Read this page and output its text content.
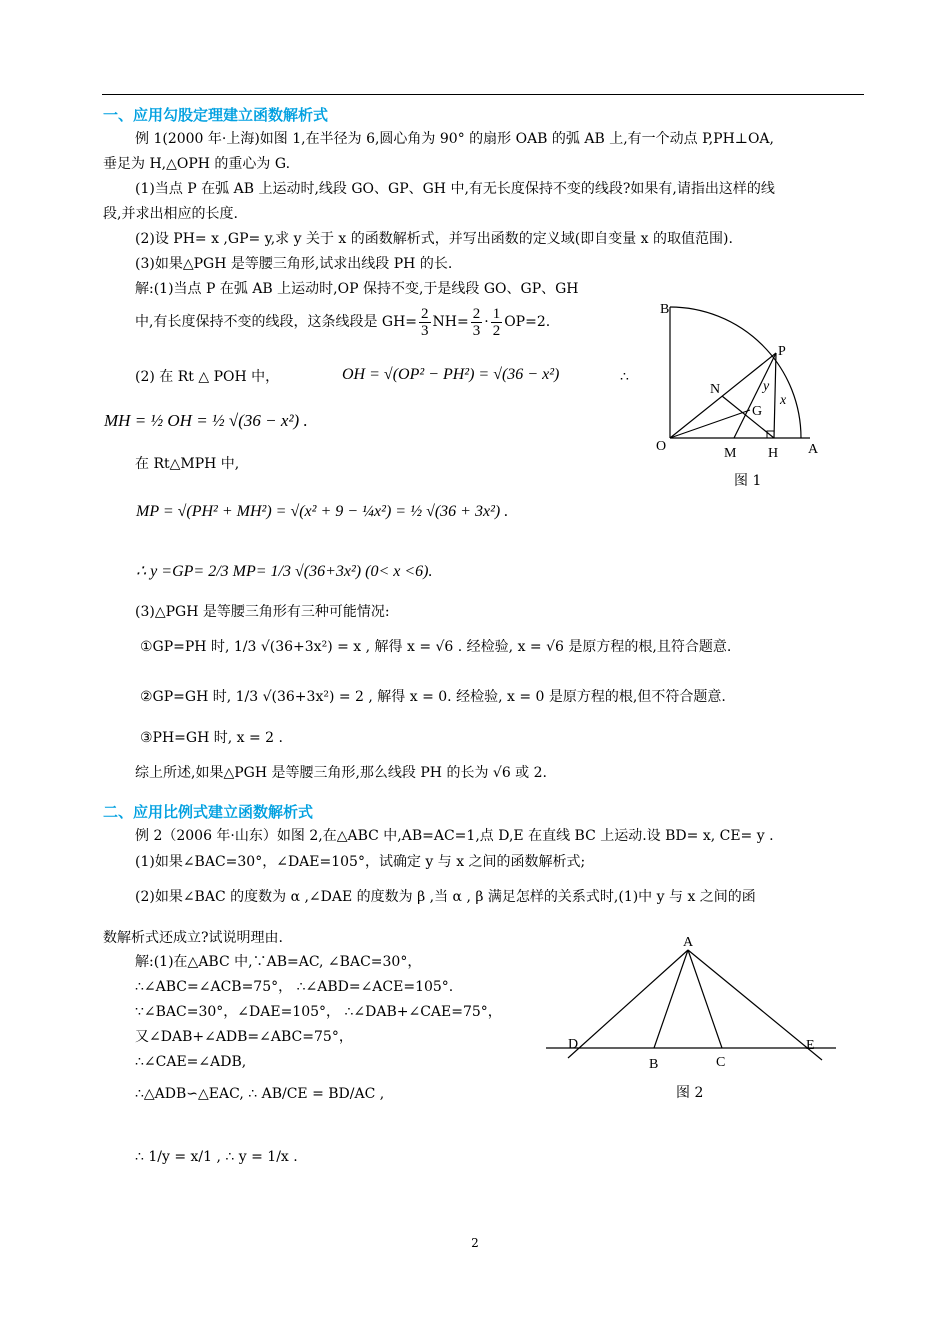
一、应用勾股定理建立函数解析式
例 1(2000 年·上海)如图 1,在半径为 6,圆心角为 90° 的扇形 OAB 的弧 AB 上,有一个动点 P,PH⊥OA,
垂足为 H,△OPH 的重心为 G.
(1)当点 P 在弧 AB 上运动时,线段 GO、GP、GH 中,有无长度保持不变的线段?如果有,请指出这样的线
段,并求出相应的长度.
(2)设 PH= x ,GP= y,求 y 关于 x 的函数解析式，并写出函数的定义域(即自变量 x 的取值范围).
(3)如果△PGH 是等腰三角形,试求出线段 PH 的长.
解:(1)当点 P 在弧 AB 上运动时,OP 保持不变,于是线段 GO、GP、GH
中,有长度保持不变的线段，这条线段是 $GH= \frac{2}{3} NH= \frac{2}{3} \cdot \frac{1}{2} OP=2$.
(2) 在 Rt △ POH 中，	OH = √(OP² − PH²) = √(36 − x²)	∴
MH = ½ OH = ½ √(36 − x²) .
在 Rt△MPH 中,
MP = √(PH² + MH²) = √(x² + 9 − ¼x²) = ½ √(36 + 3x²) .
∴ y =GP= 2/3 MP= 1/3 √(36+3x²) (0< x <6).
(3)△PGH 是等腰三角形有三种可能情况:
①GP=PH 时, 1/3 √(36+3x²) = x , 解得 x = √6 . 经检验, x = √6 是原方程的根,且符合题意.
②GP=GH 时, 1/3 √(36+3x²) = 2 , 解得 x = 0. 经检验, x = 0 是原方程的根,但不符合题意.
③PH=GH 时, x = 2 .
综上所述,如果△PGH 是等腰三角形,那么线段 PH 的长为 √6 或 2.
B
P
N	y
x
G
O	M H A
图 1
二、应用比例式建立函数解析式
例 2（2006 年·山东）如图 2,在△ABC 中,AB=AC=1,点 D,E 在直线 BC 上运动.设 BD= x, CE= y .
(1)如果∠BAC=30°，∠DAE=105°，试确定 y 与 x 之间的函数解析式;
(2)如果∠BAC 的度数为 α ,∠DAE 的度数为 β ,当 α , β 满足怎样的关系式时,(1)中 y 与 x 之间的函
数解析式还成立?试说明理由.
解:(1)在△ABC 中,∵AB=AC, ∠BAC=30°，
∴∠ABC=∠ACB=75°， ∴∠ABD=∠ACE=105°.
∵∠BAC=30°，∠DAE=105°， ∴∠DAB+∠CAE=75°，
又∠DAB+∠ADB=∠ABC=75°，
∴∠CAE=∠ADB,
∴△ADB∽△EAC, ∴ AB/CE = BD/AC ,
∴ 1/y = x/1 , ∴ y = 1/x .
A
D
B	C
E
图 2
2
